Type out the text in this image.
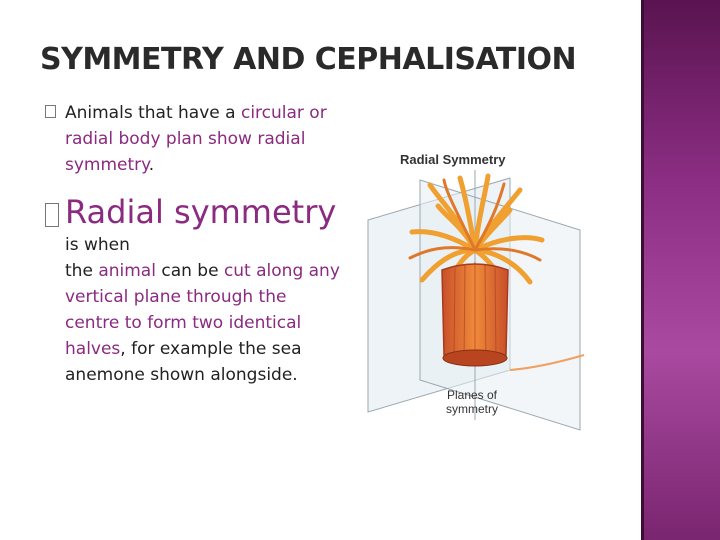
SYMMETRY AND CEPHALISATION

Animals that have a circular or radial body plan show radial symmetry.

Radial symmetry is when
the animal can be cut along any vertical plane through the centre to form two identical halves, for example the sea anemone shown alongside.

Radial Symmetry
Planes of symmetry
